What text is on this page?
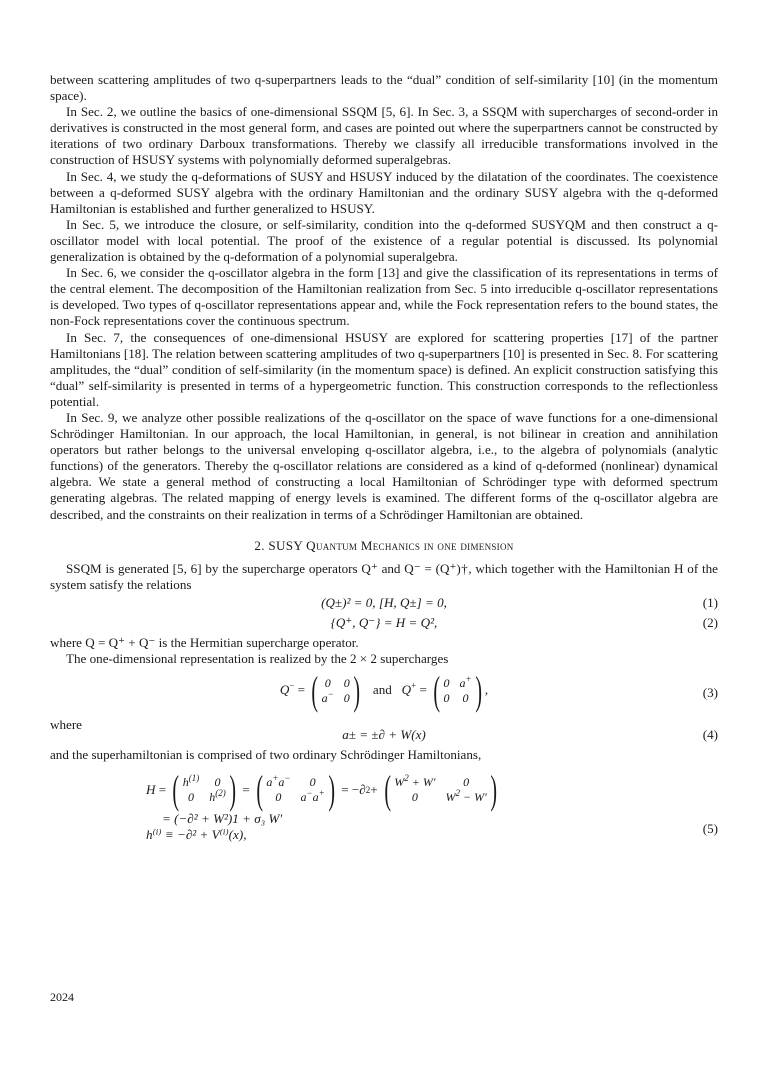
between scattering amplitudes of two q-superpartners leads to the “dual” condition of self-similarity [10] (in the momentum space).

In Sec. 2, we outline the basics of one-dimensional SSQM [5, 6]. In Sec. 3, a SSQM with supercharges of second-order in derivatives is constructed in the most general form, and cases are pointed out where the superpartners cannot be constructed by iterations of two ordinary Darboux transformations. Thereby we classify all irreducible transformations involved in the construction of HSUSY systems with polynomially deformed superalgebras.

In Sec. 4, we study the q-deformations of SUSY and HSUSY induced by the dilatation of the coordinates. The coexistence between a q-deformed SUSY algebra with the ordinary Hamiltonian and the ordinary SUSY algebra with the q-deformed Hamiltonian is established and further generalized to HSUSY.

In Sec. 5, we introduce the closure, or self-similarity, condition into the q-deformed SUSYQM and then construct a q-oscillator model with local potential. The proof of the existence of a regular potential is discussed. Its polynomial generalization is obtained by the q-deformation of a polynomial superalgebra.

In Sec. 6, we consider the q-oscillator algebra in the form [13] and give the classification of its representations in terms of the central element. The decomposition of the Hamiltonian realization from Sec. 5 into irreducible q-oscillator representations is developed. Two types of q-oscillator representations appear and, while the Fock representation refers to the bound states, the non-Fock representations cover the continuous spectrum.

In Sec. 7, the consequences of one-dimensional HSUSY are explored for scattering properties [17] of the partner Hamiltonians [18]. The relation between scattering amplitudes of two q-superpartners [10] is presented in Sec. 8. For scattering amplitudes, the “dual” condition of self-similarity (in the momentum space) is defined. An explicit construction satisfying this “dual” self-similarity is presented in terms of a hypergeometric function. This construction corresponds to the reflectionless potential.

In Sec. 9, we analyze other possible realizations of the q-oscillator on the space of wave functions for a one-dimensional Schrödinger Hamiltonian. In our approach, the local Hamiltonian, in general, is not bilinear in creation and annihilation operators but rather belongs to the universal enveloping q-oscillator algebra, i.e., to the algebra of polynomials (analytic functions) of the generators. Thereby the q-oscillator relations are considered as a kind of q-deformed (nonlinear) dynamical algebra. We state a general method of constructing a local Hamiltonian of Schrödinger type with deformed spectrum generating algebras. The related mapping of energy levels is examined. The different forms of the q-oscillator algebra are described, and the constraints on their realization in terms of a Schrödinger Hamiltonian are obtained.

2. SUSY Quantum Mechanics in one dimension

SSQM is generated [5, 6] by the supercharge operators Q⁺ and Q⁻ = (Q⁺)†, which together with the Hamiltonian H of the system satisfy the relations

(Q±)² = 0, [H, Q±] = 0,	(1)
{Q⁺, Q⁻} = H = Q²,	(2)

where Q = Q⁺ + Q⁻ is the Hermitian supercharge operator.

The one-dimensional representation is realized by the 2 × 2 supercharges

Q− = ( 0 0
a− 0 ) and   Q+ = ( 0 a+
0 0 ) ,	(3)

where

a± = ±∂ + W(x)	(4)

and the superhamiltonian is comprised of two ordinary Schrödinger Hamiltonians,

H = ( $h^{(1)}$	0
0	$h^{(2)}$ ) = ( a+a−	0
0	a−a+ ) = −∂ 2 + ( $W^2 + W'$	0
0	$W^2 - W'$ )
= (−∂² + W²)1 + σ₃ W′
h⁽ⁱ⁾ ≡ −∂² + V⁽ⁱ⁾(x),	(5)
2024
